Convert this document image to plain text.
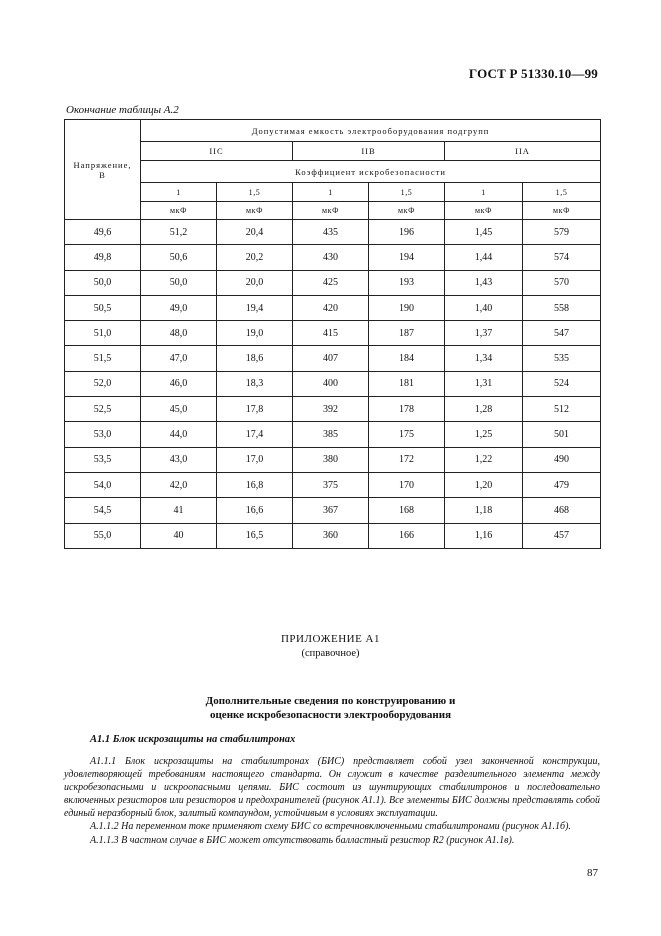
ГОСТ Р 51330.10—99
Окончание таблицы А.2
Напряжение, В	Допустимая емкость электрооборудования подгрупп					
	IIС		IIВ		IIА	
	Коэффициент искробезопасности					
	1	1,5	1	1,5	1	1,5
	мкФ	мкФ	мкФ	мкФ	мкФ	мкФ
49,6	51,2	20,4	435	196	1,45	579
49,8	50,6	20,2	430	194	1,44	574
50,0	50,0	20,0	425	193	1,43	570
50,5	49,0	19,4	420	190	1,40	558
51,0	48,0	19,0	415	187	1,37	547
51,5	47,0	18,6	407	184	1,34	535
52,0	46,0	18,3	400	181	1,31	524
52,5	45,0	17,8	392	178	1,28	512
53,0	44,0	17,4	385	175	1,25	501
53,5	43,0	17,0	380	172	1,22	490
54,0	42,0	16,8	375	170	1,20	479
54,5	41	16,6	367	168	1,18	468
55,0	40	16,5	360	166	1,16	457
ПРИЛОЖЕНИЕ А1
(справочное)
Дополнительные сведения по конструированию и
оценке искробезопасности электрооборудования
А1.1 Блок искрозащиты на стабилитронах

А1.1.1 Блок искрозащиты на стабилитронах (БИС) представляет собой узел законченной конструкции, удовлетворяющей требованиям настоящего стандарта. Он служит в качестве разделительного элемента между искробезопасными и искроопасными цепями. БИС состоит из шунтирующих стабилитронов и последовательно включенных резисторов или резисторов и предохранителей (рисунок А1.1). Все элементы БИС должны представлять собой единый неразборный блок, залитый компаундом, устойчивым в условиях эксплуатации.

А.1.1.2 На переменном токе применяют схему БИС со встречновключенными стабилитронами (рисунок А1.1б).

А.1.1.3 В частном случае в БИС может отсутствовать балластный резистор R2 (рисунок А1.1в).

87
